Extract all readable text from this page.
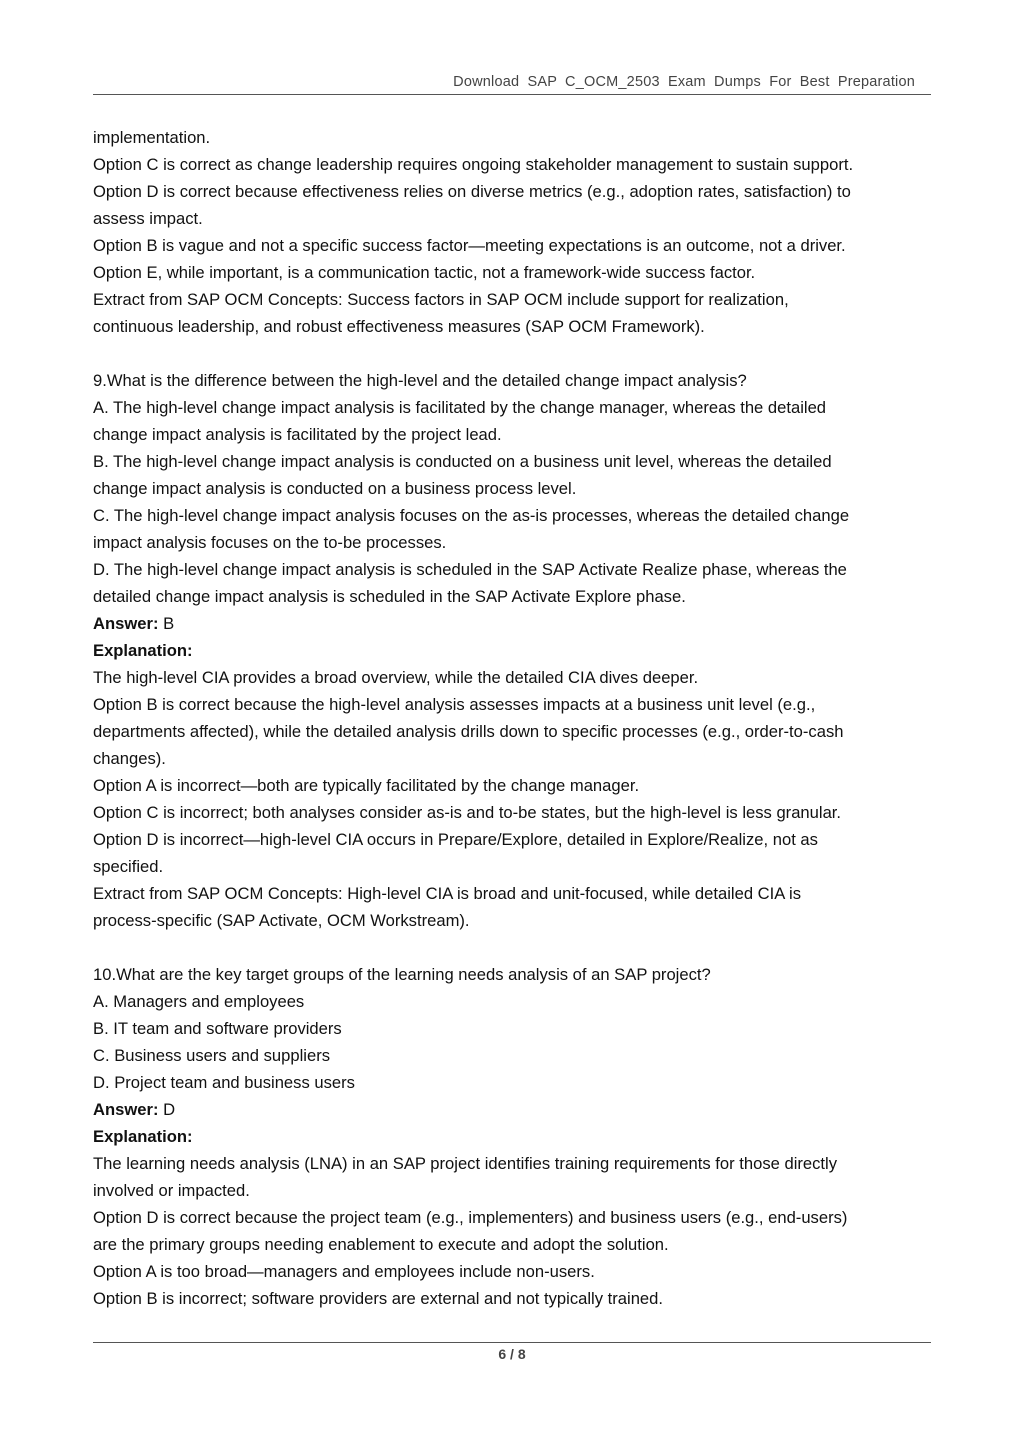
Download SAP C_OCM_2503 Exam Dumps For Best Preparation

implementation.

Option C is correct as change leadership requires ongoing stakeholder management to sustain support.

Option D is correct because effectiveness relies on diverse metrics (e.g., adoption rates, satisfaction) to

assess impact.

Option B is vague and not a specific success factor—meeting expectations is an outcome, not a driver.

Option E, while important, is a communication tactic, not a framework-wide success factor.

Extract from SAP OCM Concepts: Success factors in SAP OCM include support for realization,

continuous leadership, and robust effectiveness measures (SAP OCM Framework).

9.What is the difference between the high-level and the detailed change impact analysis?

A. The high-level change impact analysis is facilitated by the change manager, whereas the detailed

change impact analysis is facilitated by the project lead.

B. The high-level change impact analysis is conducted on a business unit level, whereas the detailed

change impact analysis is conducted on a business process level.

C. The high-level change impact analysis focuses on the as-is processes, whereas the detailed change

impact analysis focuses on the to-be processes.

D. The high-level change impact analysis is scheduled in the SAP Activate Realize phase, whereas the

detailed change impact analysis is scheduled in the SAP Activate Explore phase.

Answer: B

Explanation:

The high-level CIA provides a broad overview, while the detailed CIA dives deeper.

Option B is correct because the high-level analysis assesses impacts at a business unit level (e.g.,

departments affected), while the detailed analysis drills down to specific processes (e.g., order-to-cash

changes).

Option A is incorrect—both are typically facilitated by the change manager.

Option C is incorrect; both analyses consider as-is and to-be states, but the high-level is less granular.

Option D is incorrect—high-level CIA occurs in Prepare/Explore, detailed in Explore/Realize, not as

specified.

Extract from SAP OCM Concepts: High-level CIA is broad and unit-focused, while detailed CIA is

process-specific (SAP Activate, OCM Workstream).

10.What are the key target groups of the learning needs analysis of an SAP project?

A. Managers and employees

B. IT team and software providers

C. Business users and suppliers

D. Project team and business users

Answer: D

Explanation:

The learning needs analysis (LNA) in an SAP project identifies training requirements for those directly

involved or impacted.

Option D is correct because the project team (e.g., implementers) and business users (e.g., end-users)

are the primary groups needing enablement to execute and adopt the solution.

Option A is too broad—managers and employees include non-users.

Option B is incorrect; software providers are external and not typically trained.

6 / 8
